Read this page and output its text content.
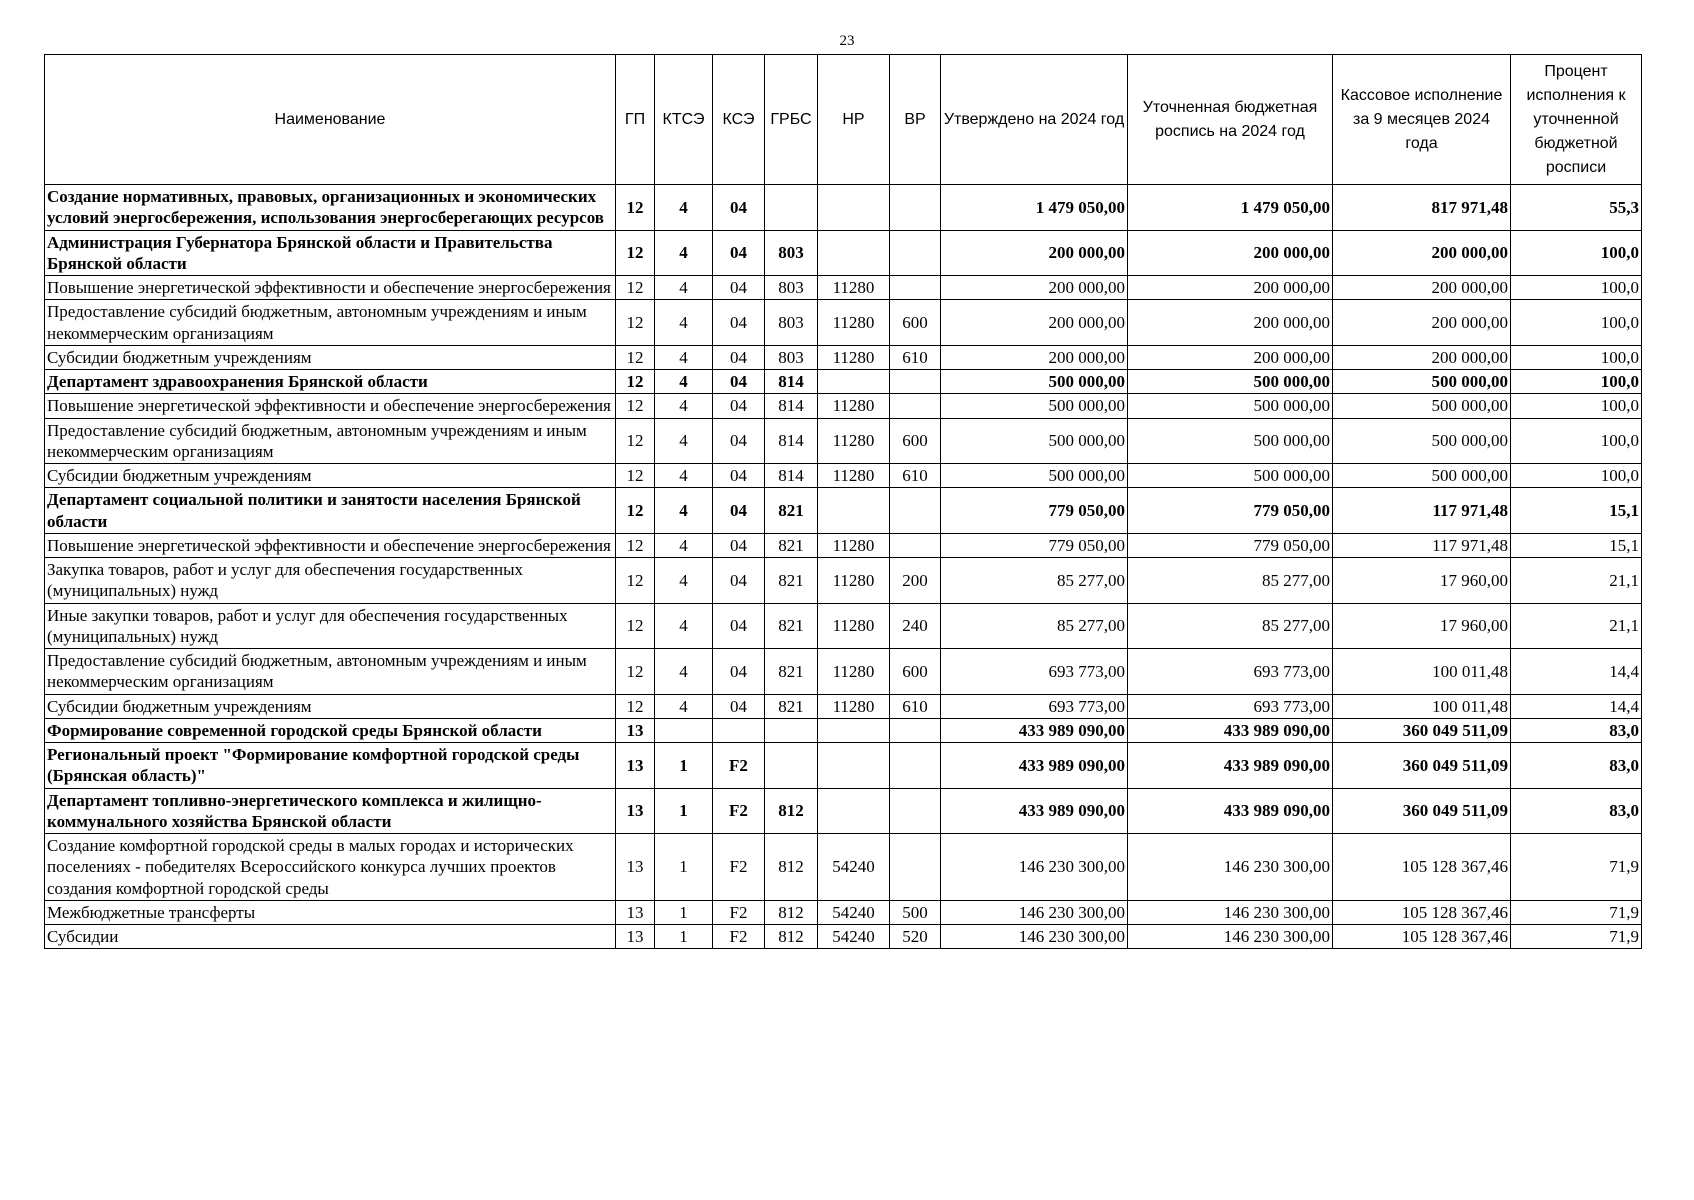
23
Наименование	ГП	КТСЭ	КСЭ	ГРБС	НР	ВР	Утверждено на 2024 год	Уточненная бюджетная роспись на 2024 год	Кассовое исполнение за 9 месяцев 2024 года	Процент исполнения к уточненной бюджетной росписи
Создание нормативных, правовых, организационных и экономических условий энергосбережения, использования энергосберегающих ресурсов	12	4	04				1 479 050,00	1 479 050,00	817 971,48	55,3
Администрация Губернатора Брянской области и Правительства Брянской области	12	4	04	803			200 000,00	200 000,00	200 000,00	100,0
Повышение энергетической эффективности и обеспечение энергосбережения	12	4	04	803	11280		200 000,00	200 000,00	200 000,00	100,0
Предоставление субсидий бюджетным, автономным учреждениям и иным некоммерческим организациям	12	4	04	803	11280	600	200 000,00	200 000,00	200 000,00	100,0
Субсидии бюджетным учреждениям	12	4	04	803	11280	610	200 000,00	200 000,00	200 000,00	100,0
Департамент здравоохранения Брянской области	12	4	04	814			500 000,00	500 000,00	500 000,00	100,0
Повышение энергетической эффективности и обеспечение энергосбережения	12	4	04	814	11280		500 000,00	500 000,00	500 000,00	100,0
Предоставление субсидий бюджетным, автономным учреждениям и иным некоммерческим организациям	12	4	04	814	11280	600	500 000,00	500 000,00	500 000,00	100,0
Субсидии бюджетным учреждениям	12	4	04	814	11280	610	500 000,00	500 000,00	500 000,00	100,0
Департамент социальной политики и занятости населения Брянской области	12	4	04	821			779 050,00	779 050,00	117 971,48	15,1
Повышение энергетической эффективности и обеспечение энергосбережения	12	4	04	821	11280		779 050,00	779 050,00	117 971,48	15,1
Закупка товаров, работ и услуг для обеспечения государственных (муниципальных) нужд	12	4	04	821	11280	200	85 277,00	85 277,00	17 960,00	21,1
Иные закупки товаров, работ и услуг для обеспечения государственных (муниципальных) нужд	12	4	04	821	11280	240	85 277,00	85 277,00	17 960,00	21,1
Предоставление субсидий бюджетным, автономным учреждениям и иным некоммерческим организациям	12	4	04	821	11280	600	693 773,00	693 773,00	100 011,48	14,4
Субсидии бюджетным учреждениям	12	4	04	821	11280	610	693 773,00	693 773,00	100 011,48	14,4
Формирование современной городской среды Брянской области	13						433 989 090,00	433 989 090,00	360 049 511,09	83,0
Региональный проект "Формирование комфортной городской среды (Брянская область)"	13	1	F2				433 989 090,00	433 989 090,00	360 049 511,09	83,0
Департамент топливно-энергетического комплекса и жилищно-коммунального хозяйства Брянской области	13	1	F2	812			433 989 090,00	433 989 090,00	360 049 511,09	83,0
Создание комфортной городской среды в малых городах и исторических поселениях - победителях Всероссийского конкурса лучших проектов создания комфортной городской среды	13	1	F2	812	54240		146 230 300,00	146 230 300,00	105 128 367,46	71,9
Межбюджетные трансферты	13	1	F2	812	54240	500	146 230 300,00	146 230 300,00	105 128 367,46	71,9
Субсидии	13	1	F2	812	54240	520	146 230 300,00	146 230 300,00	105 128 367,46	71,9
